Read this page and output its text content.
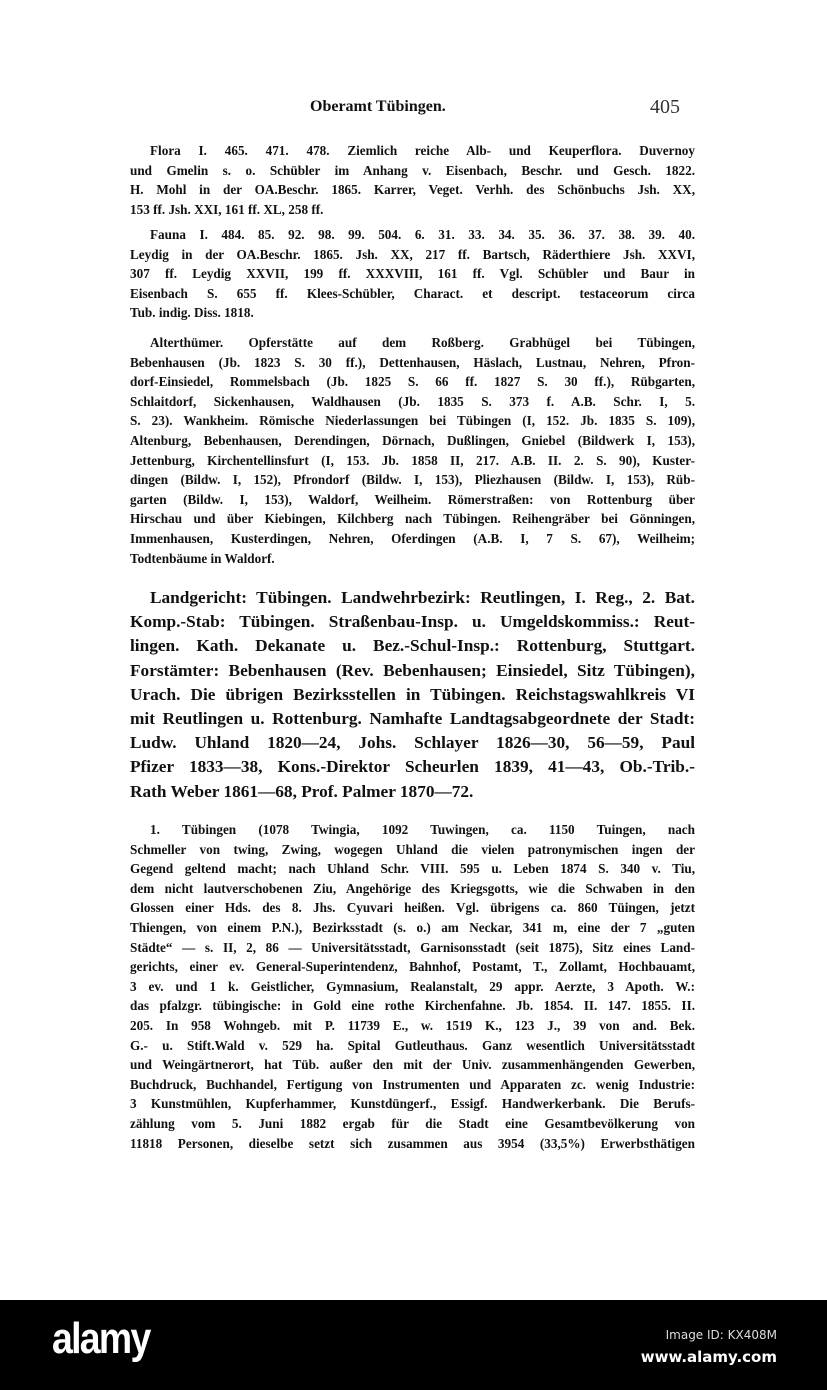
Oberamt Tübingen.	405
Flora I. 465. 471. 478. Ziemlich reiche Alb- und Keuperflora. Duvernoy
und Gmelin s. o. Schübler im Anhang v. Eisenbach, Beschr. und Gesch. 1822.
H. Mohl in der OA.Beschr. 1865. Karrer, Veget. Verhh. des Schönbuchs Jsh. XX,
153 ff. Jsh. XXI, 161 ff. XL, 258 ff.
Fauna I. 484. 85. 92. 98. 99. 504. 6. 31. 33. 34. 35. 36. 37. 38. 39. 40.
Leydig in der OA.Beschr. 1865. Jsh. XX, 217 ff. Bartsch, Räderthiere Jsh. XXVI,
307 ff. Leydig XXVII, 199 ff. XXXVIII, 161 ff. Vgl. Schübler und Baur in
Eisenbach S. 655 ff. Klees-Schübler, Charact. et descript. testaceorum circa
Tub. indig. Diss. 1818.
Alterthümer. Opferstätte auf dem Roßberg. Grabhügel bei Tübingen,
Bebenhausen (Jb. 1823 S. 30 ff.), Dettenhausen, Häslach, Lustnau, Nehren, Pfron-
dorf-Einsiedel, Rommelsbach (Jb. 1825 S. 66 ff. 1827 S. 30 ff.), Rübgarten,
Schlaitdorf, Sickenhausen, Waldhausen (Jb. 1835 S. 373 f. A.B. Schr. I, 5.
S. 23). Wankheim. Römische Niederlassungen bei Tübingen (I, 152. Jb. 1835 S. 109),
Altenburg, Bebenhausen, Derendingen, Dörnach, Dußlingen, Gniebel (Bildwerk I, 153),
Jettenburg, Kirchentellinsfurt (I, 153. Jb. 1858 II, 217. A.B. II. 2. S. 90), Kuster-
dingen (Bildw. I, 152), Pfrondorf (Bildw. I, 153), Pliezhausen (Bildw. I, 153), Rüb-
garten (Bildw. I, 153), Waldorf, Weilheim. Römerstraßen: von Rottenburg über
Hirschau und über Kiebingen, Kilchberg nach Tübingen. Reihengräber bei Gönningen,
Immenhausen, Kusterdingen, Nehren, Oferdingen (A.B. I, 7 S. 67), Weilheim;
Todtenbäume in Waldorf.
Landgericht: Tübingen. Landwehrbezirk: Reutlingen, I. Reg., 2. Bat.
Komp.-Stab: Tübingen. Straßenbau-Insp. u. Umgeldskommiss.: Reut-
lingen. Kath. Dekanate u. Bez.-Schul-Insp.: Rottenburg, Stuttgart.
Forstämter: Bebenhausen (Rev. Bebenhausen; Einsiedel, Sitz Tübingen),
Urach. Die übrigen Bezirksstellen in Tübingen. Reichstagswahlkreis VI
mit Reutlingen u. Rottenburg. Namhafte Landtagsabgeordnete der Stadt:
Ludw. Uhland 1820—24, Johs. Schlayer 1826—30, 56—59, Paul
Pfizer 1833—38, Kons.-Direktor Scheurlen 1839, 41—43, Ob.-Trib.-
Rath Weber 1861—68, Prof. Palmer 1870—72.
1. Tübingen (1078 Twingia, 1092 Tuwingen, ca. 1150 Tuingen, nach
Schmeller von twing, Zwing, wogegen Uhland die vielen patronymischen ingen der
Gegend geltend macht; nach Uhland Schr. VIII. 595 u. Leben 1874 S. 340 v. Tiu,
dem nicht lautverschobenen Ziu, Angehörige des Kriegsgotts, wie die Schwaben in den
Glossen einer Hds. des 8. Jhs. Cyuvari heißen. Vgl. übrigens ca. 860 Tüingen, jetzt
Thiengen, von einem P.N.), Bezirksstadt (s. o.) am Neckar, 341 m, eine der 7 „guten
Städte“ — s. II, 2, 86 — Universitätsstadt, Garnisonsstadt (seit 1875), Sitz eines Land-
gerichts, einer ev. General-Superintendenz, Bahnhof, Postamt, T., Zollamt, Hochbauamt,
3 ev. und 1 k. Geistlicher, Gymnasium, Realanstalt, 29 appr. Aerzte, 3 Apoth. W.:
das pfalzgr. tübingische: in Gold eine rothe Kirchenfahne. Jb. 1854. II. 147. 1855. II.
205. In 958 Wohngeb. mit P. 11739 E., w. 1519 K., 123 J., 39 von and. Bek.
G.- u. Stift.Wald v. 529 ha. Spital Gutleuthaus. Ganz wesentlich Universitätsstadt
und Weingärtnerort, hat Tüb. außer den mit der Univ. zusammenhängenden Gewerben,
Buchdruck, Buchhandel, Fertigung von Instrumenten und Apparaten zc. wenig Industrie:
3 Kunstmühlen, Kupferhammer, Kunstdüngerf., Essigf. Handwerkerbank. Die Berufs-
zählung vom 5. Juni 1882 ergab für die Stadt eine Gesamtbevölkerung von
11818 Personen, dieselbe setzt sich zusammen aus 3954 (33,5%) Erwerbsthätigen
alamy	Image ID: KX408M
www.alamy.com
